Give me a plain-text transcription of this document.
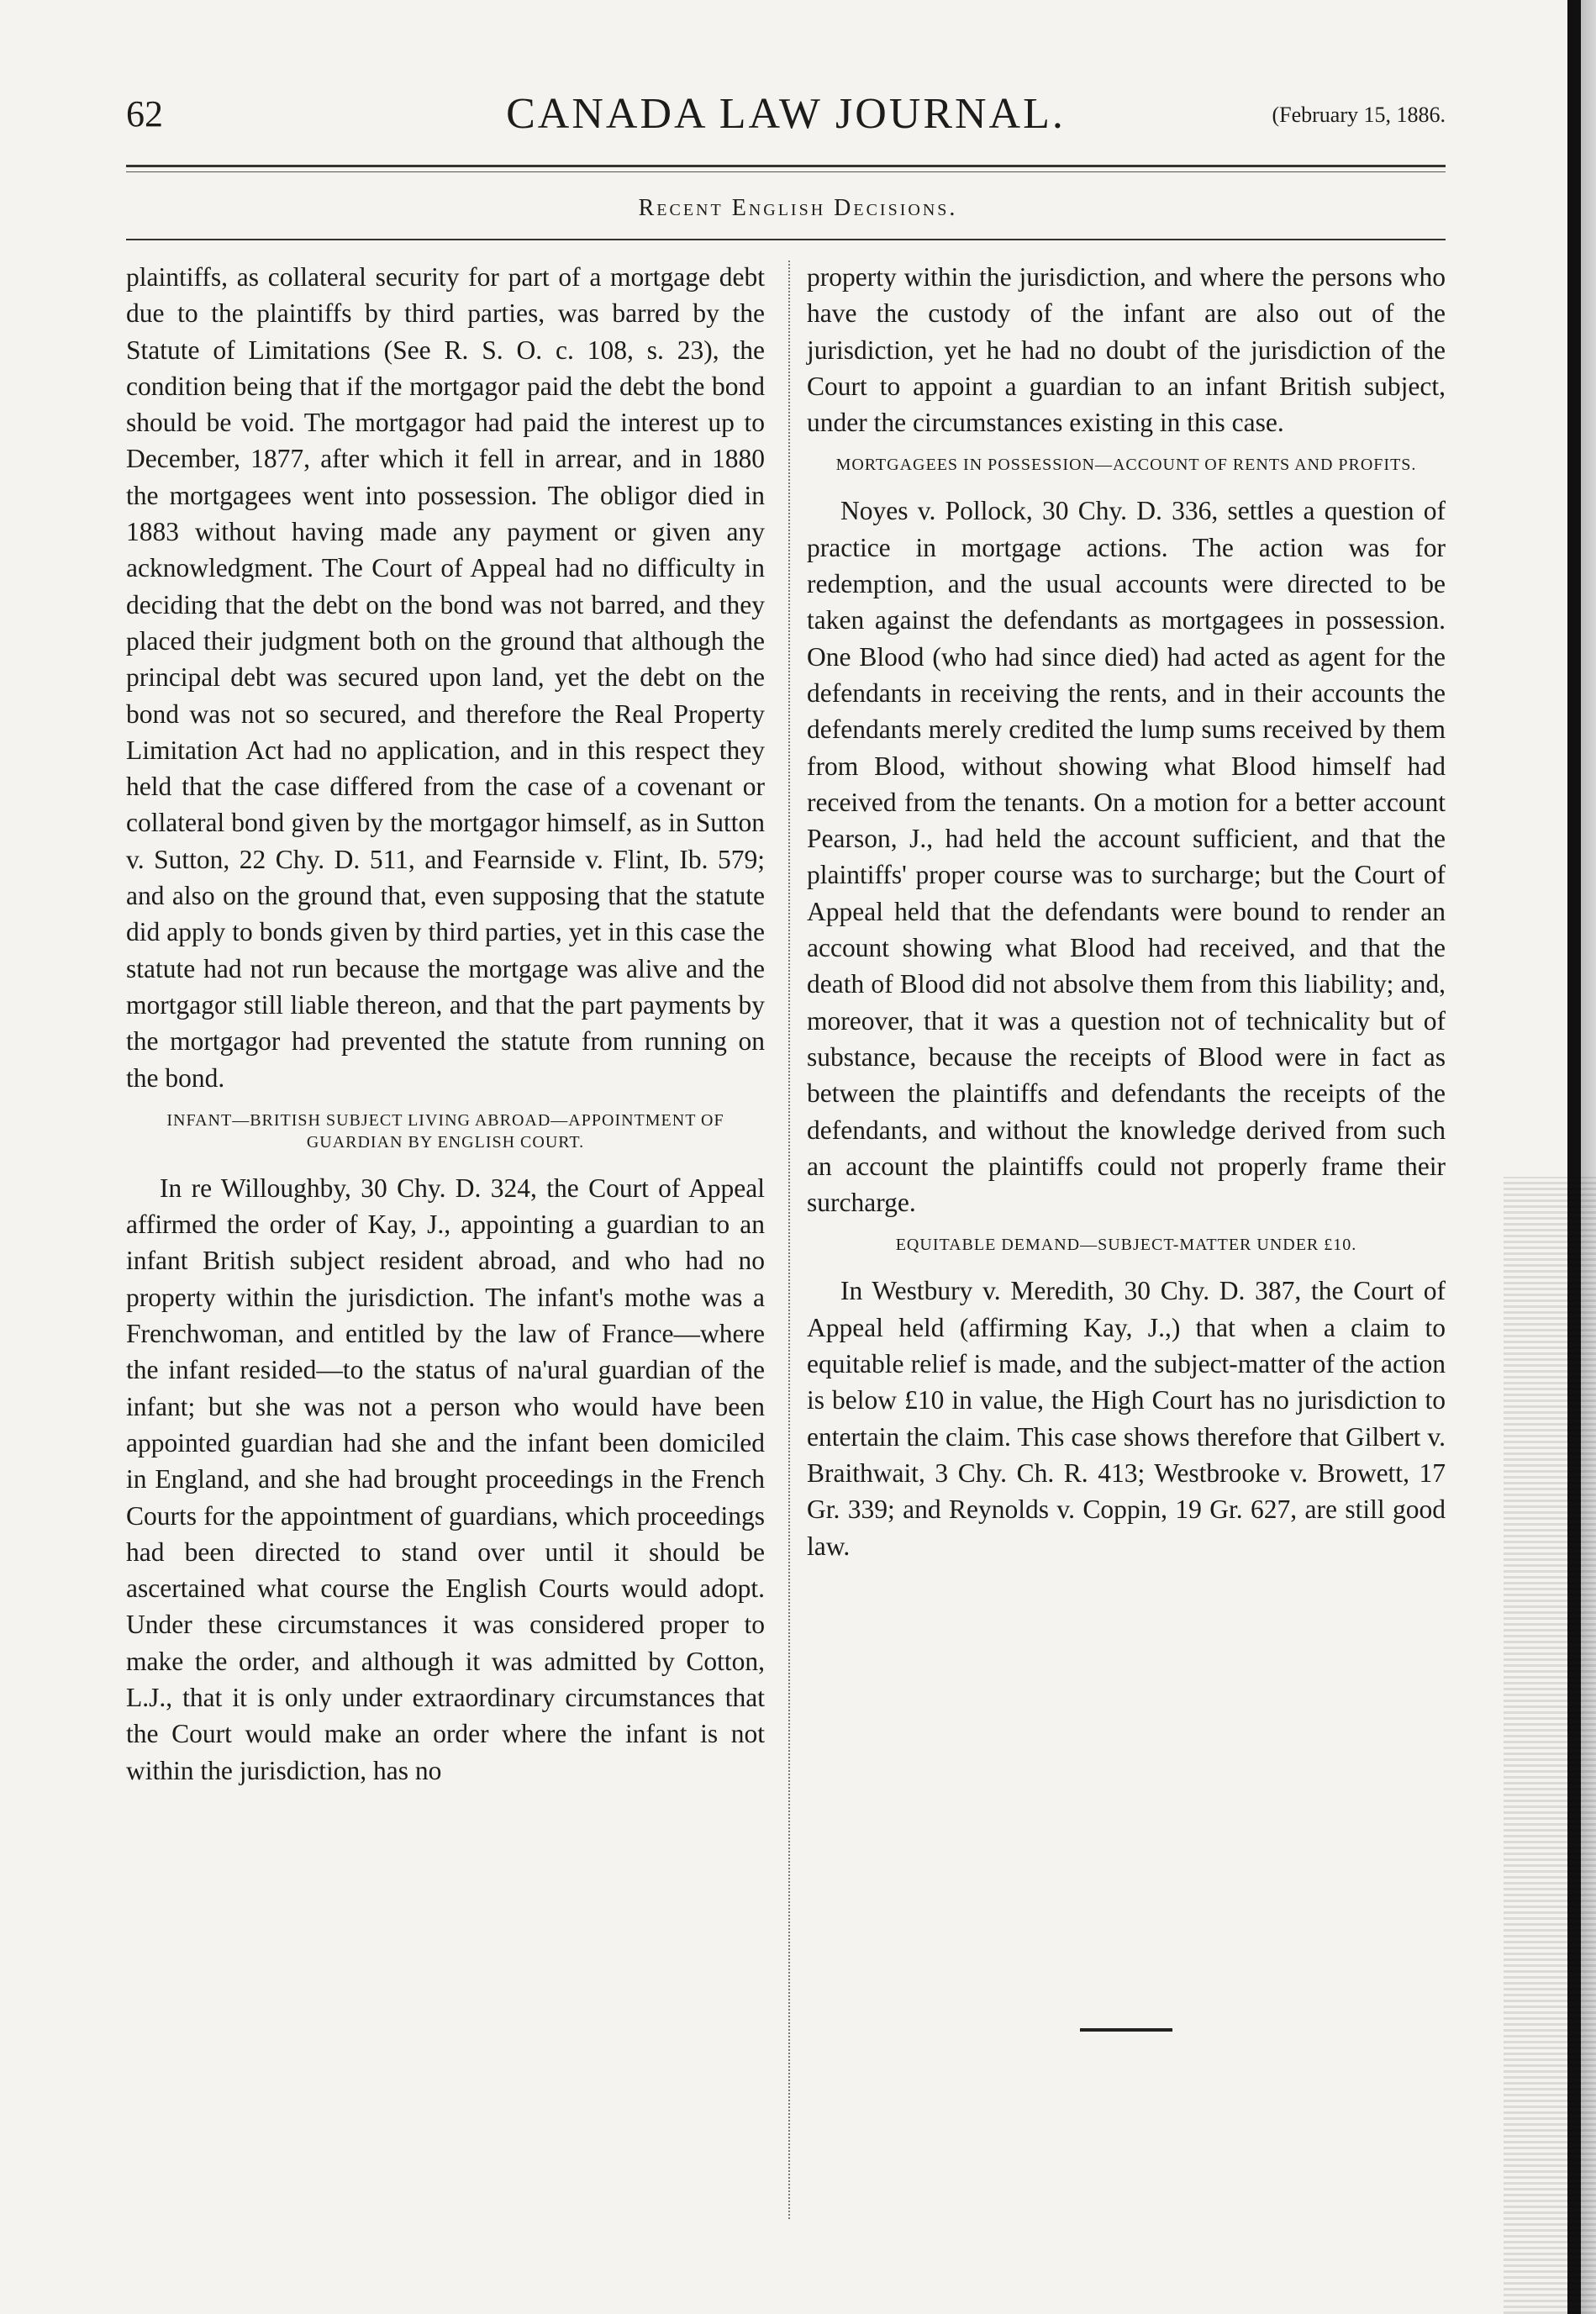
62	CANADA LAW JOURNAL.	(February 15, 1886.
Recent English Decisions.

plaintiffs, as collateral security for part of a mortgage debt due to the plaintiffs by third parties, was barred by the Statute of Limitations (See R. S. O. c. 108, s. 23), the condition being that if the mortgagor paid the debt the bond should be void. The mortgagor had paid the interest up to December, 1877, after which it fell in arrear, and in 1880 the mortgagees went into possession. The obligor died in 1883 without having made any payment or given any acknowledgment. The Court of Appeal had no difficulty in deciding that the debt on the bond was not barred, and they placed their judgment both on the ground that although the principal debt was secured upon land, yet the debt on the bond was not so secured, and therefore the Real Property Limitation Act had no application, and in this respect they held that the case differed from the case of a covenant or collateral bond given by the mortgagor himself, as in Sutton v. Sutton, 22 Chy. D. 511, and Fearnside v. Flint, Ib. 579; and also on the ground that, even supposing that the statute did apply to bonds given by third parties, yet in this case the statute had not run because the mortgage was alive and the mortgagor still liable thereon, and that the part payments by the mortgagor had prevented the statute from running on the bond.

INFANT—BRITISH SUBJECT LIVING ABROAD—APPOINTMENT OF GUARDIAN BY ENGLISH COURT.

In re Willoughby, 30 Chy. D. 324, the Court of Appeal affirmed the order of Kay, J., appointing a guardian to an infant British subject resident abroad, and who had no property within the jurisdiction. The infant's mothe was a Frenchwoman, and entitled by the law of France—where the infant resided—to the status of na'ural guardian of the infant; but she was not a person who would have been appointed guardian had she and the infant been domiciled in England, and she had brought proceedings in the French Courts for the appointment of guardians, which proceedings had been directed to stand over until it should be ascertained what course the English Courts would adopt. Under these circumstances it was considered proper to make the order, and although it was admitted by Cotton, L.J., that it is only under extraordinary circumstances that the Court would make an order where the infant is not within the jurisdiction, has no

property within the jurisdiction, and where the persons who have the custody of the infant are also out of the jurisdiction, yet he had no doubt of the jurisdiction of the Court to appoint a guardian to an infant British subject, under the circumstances existing in this case.

MORTGAGEES IN POSSESSION—ACCOUNT OF RENTS AND PROFITS.

Noyes v. Pollock, 30 Chy. D. 336, settles a question of practice in mortgage actions. The action was for redemption, and the usual accounts were directed to be taken against the defendants as mortgagees in possession. One Blood (who had since died) had acted as agent for the defendants in receiving the rents, and in their accounts the defendants merely credited the lump sums received by them from Blood, without showing what Blood himself had received from the tenants. On a motion for a better account Pearson, J., had held the account sufficient, and that the plaintiffs' proper course was to surcharge; but the Court of Appeal held that the defendants were bound to render an account showing what Blood had received, and that the death of Blood did not absolve them from this liability; and, moreover, that it was a question not of technicality but of substance, because the receipts of Blood were in fact as between the plaintiffs and defendants the receipts of the defendants, and without the knowledge derived from such an account the plaintiffs could not properly frame their surcharge.

EQUITABLE DEMAND—SUBJECT-MATTER UNDER £10.

In Westbury v. Meredith, 30 Chy. D. 387, the Court of Appeal held (affirming Kay, J.,) that when a claim to equitable relief is made, and the subject-matter of the action is below £10 in value, the High Court has no jurisdiction to entertain the claim. This case shows therefore that Gilbert v. Braithwait, 3 Chy. Ch. R. 413; Westbrooke v. Browett, 17 Gr. 339; and Reynolds v. Coppin, 19 Gr. 627, are still good law.
